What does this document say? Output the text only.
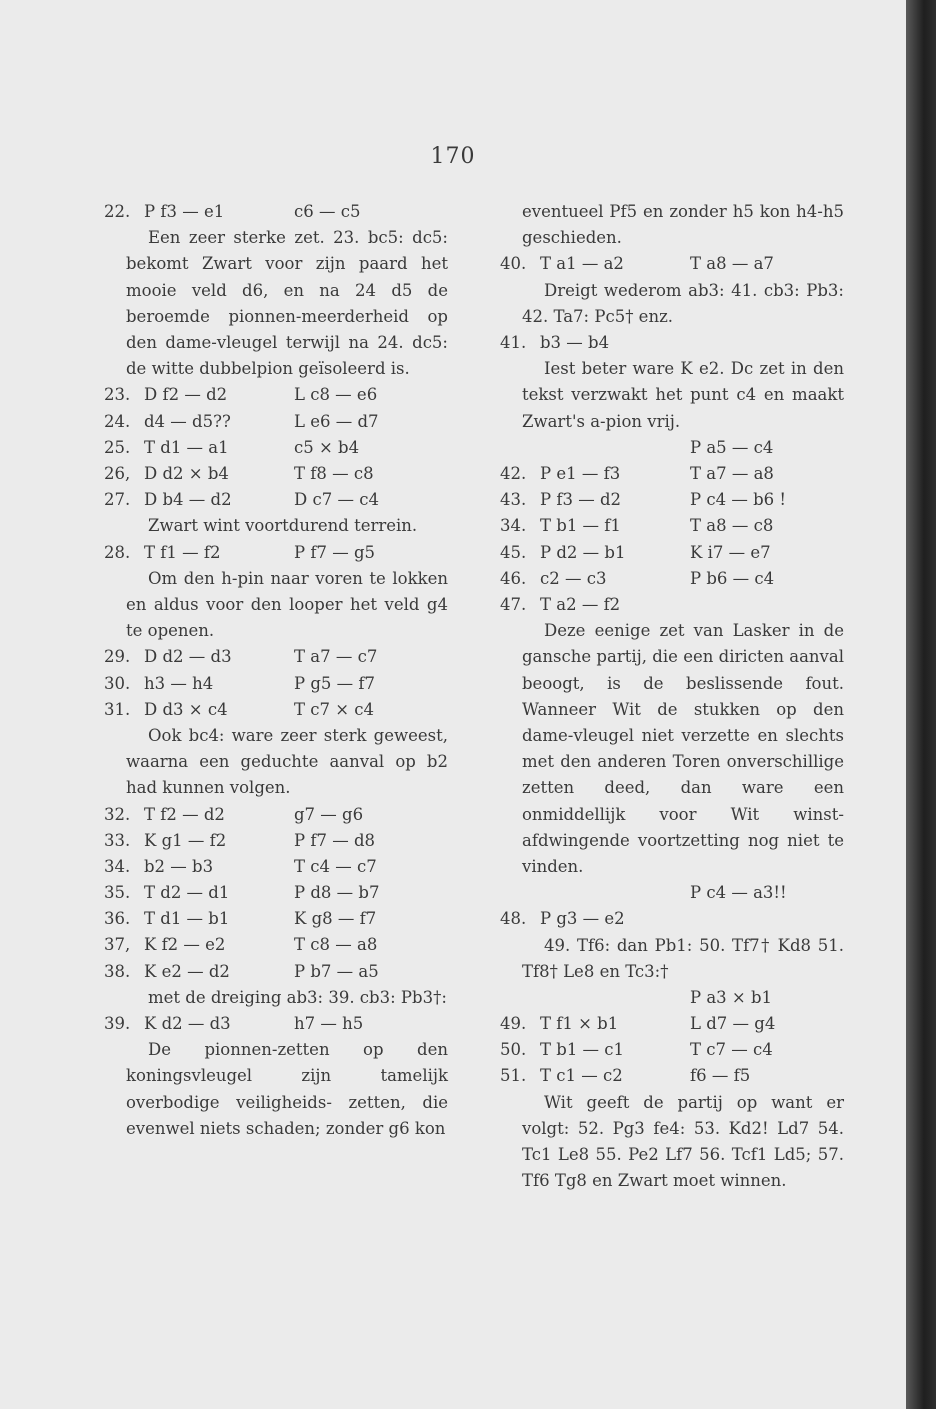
170
22. P f3 — e1	c6 — c5
Een zeer sterke zet. 23. bc5: dc5: bekomt Zwart voor zijn paard het mooie veld d6, en na 24 d5 de beroemde pionnen-meerderheid op den dame-vleugel terwijl na 24. dc5: de witte dubbelpion geïsoleerd is.
23. D f2 — d2	L c8 — e6
24. d4 — d5??	L e6 — d7
25. T d1 — a1	c5 × b4
26, D d2 × b4	T f8 — c8
27. D b4 — d2	D c7 — c4
Zwart wint voortdurend terrein.
28. T f1 — f2	P f7 — g5
Om den h-pin naar voren te lokken en aldus voor den looper het veld g4 te openen.
29. D d2 — d3	T a7 — c7
30. h3 — h4	P g5 — f7
31. D d3 × c4	T c7 × c4
Ook bc4: ware zeer sterk geweest, waarna een geduchte aanval op b2 had kunnen volgen.
32. T f2 — d2	g7 — g6
33. K g1 — f2	P f7 — d8
34. b2 — b3	T c4 — c7
35. T d2 — d1	P d8 — b7
36. T d1 — b1	K g8 — f7
37, K f2 — e2	T c8 — a8
38. K e2 — d2	P b7 — a5
met de dreiging ab3: 39. cb3: Pb3†:
39. K d2 — d3	h7 — h5
De pionnen-zetten op den koningsvleugel zijn tamelijk overbodige veiligheids- zetten, die evenwel niets schaden; zonder g6 kon
eventueel Pf5 en zonder h5 kon h4-h5 geschieden.
40. T a1 — a2	T a8 — a7
Dreigt wederom ab3: 41. cb3: Pb3: 42. Ta7: Pc5† enz.
41. b3 — b4
Iest beter ware K e2. Dc zet in den tekst verzwakt het punt c4 en maakt Zwart's a-pion vrij.
P a5 — c4
42. P e1 — f3	T a7 — a8
43. P f3 — d2	P c4 — b6 !
34. T b1 — f1	T a8 — c8
45. P d2 — b1	K i7 — e7
46. c2 — c3	P b6 — c4
47. T a2 — f2
Deze eenige zet van Lasker in de gansche partij, die een diricten aanval beoogt, is de beslissende fout. Wanneer Wit de stukken op den dame-vleugel niet verzette en slechts met den anderen Toren onverschillige zetten deed, dan ware een onmiddellijk voor Wit winst-afdwingende voortzetting nog niet te vinden.
P c4 — a3!!
48. P g3 — e2
49. Tf6: dan Pb1: 50. Tf7† Kd8 51. Tf8† Le8 en Tc3:†
P a3 × b1
49. T f1 × b1	L d7 — g4
50. T b1 — c1	T c7 — c4
51. T c1 — c2	f6 — f5
Wit geeft de partij op want er volgt: 52. Pg3 fe4: 53. Kd2! Ld7 54. Tc1 Le8 55. Pe2 Lf7 56. Tcf1 Ld5; 57. Tf6 Tg8 en Zwart moet winnen.
